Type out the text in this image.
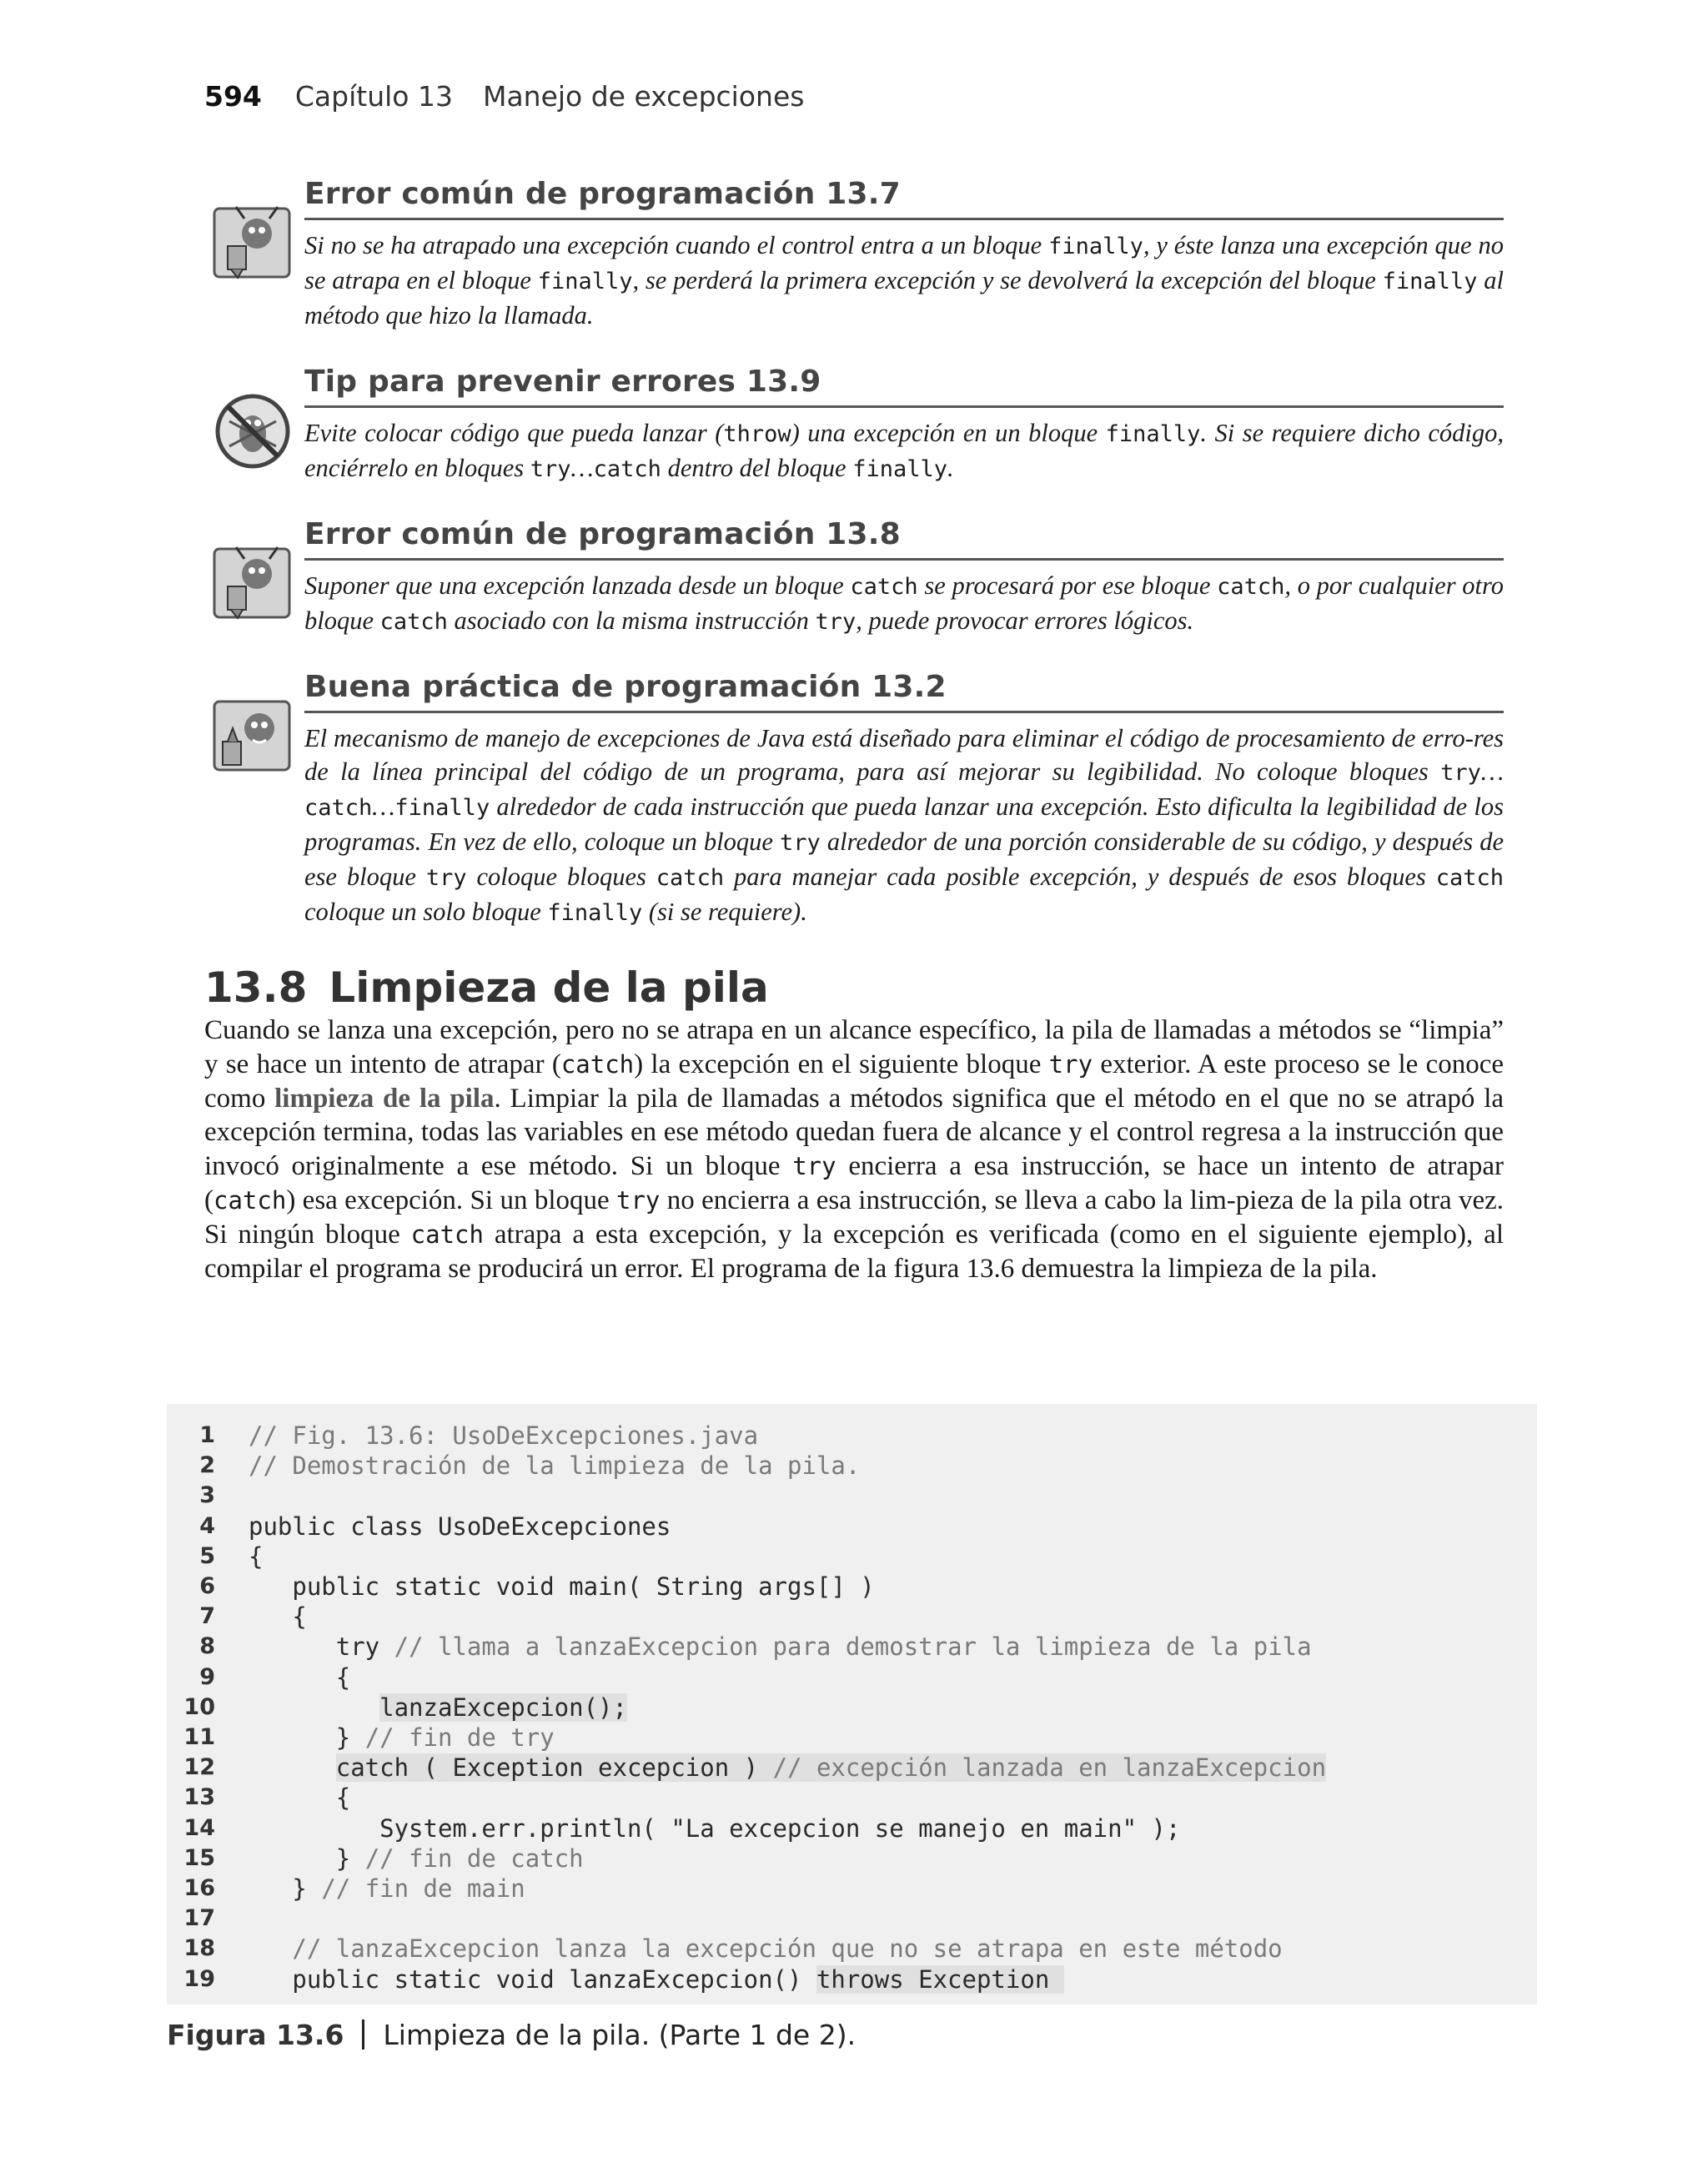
594 Capítulo 13 Manejo de excepciones
Error común de programación 13.7
Si no se ha atrapado una excepción cuando el control entra a un bloque finally, y éste lanza una excepción que no se atrapa en el bloque finally, se perderá la primera excepción y se devolverá la excepción del bloque finally al método que hizo la llamada.
Tip para prevenir errores 13.9
Evite colocar código que pueda lanzar (throw) una excepción en un bloque finally. Si se requiere dicho código, enciérrelo en bloques try…catch dentro del bloque finally.
Error común de programación 13.8
Suponer que una excepción lanzada desde un bloque catch se procesará por ese bloque catch, o por cualquier otro bloque catch asociado con la misma instrucción try, puede provocar errores lógicos.
Buena práctica de programación 13.2
El mecanismo de manejo de excepciones de Java está diseñado para eliminar el código de procesamiento de erro-res de la línea principal del código de un programa, para así mejorar su legibilidad. No coloque bloques try… catch…finally alrededor de cada instrucción que pueda lanzar una excepción. Esto dificulta la legibilidad de los programas. En vez de ello, coloque un bloque try alrededor de una porción considerable de su código, y después de ese bloque try coloque bloques catch para manejar cada posible excepción, y después de esos bloques catch coloque un solo bloque finally (si se requiere).
13.8 Limpieza de la pila
Cuando se lanza una excepción, pero no se atrapa en un alcance específico, la pila de llamadas a métodos se “limpia” y se hace un intento de atrapar (catch) la excepción en el siguiente bloque try exterior. A este proceso se le conoce como limpieza de la pila. Limpiar la pila de llamadas a métodos significa que el método en el que no se atrapó la excepción termina, todas las variables en ese método quedan fuera de alcance y el control regresa a la instrucción que invocó originalmente a ese método. Si un bloque try encierra a esa instrucción, se hace un intento de atrapar (catch) esa excepción. Si un bloque try no encierra a esa instrucción, se lleva a cabo la lim-pieza de la pila otra vez. Si ningún bloque catch atrapa a esta excepción, y la excepción es verificada (como en el siguiente ejemplo), al compilar el programa se producirá un error. El programa de la figura 13.6 demuestra la limpieza de la pila.
1 // Fig. 13.6: UsoDeExcepciones.java
2 // Demostración de la limpieza de la pila.
3
4 public class UsoDeExcepciones
5 {
6 public static void main( String args[] )
7 {
8 try // llama a lanzaExcepcion para demostrar la limpieza de la pila
9 {
10	lanzaExcepcion();
11 } // fin de try
12	catch ( Exception excepcion ) // excepción lanzada en lanzaExcepcion
13 {
14 System.err.println( "La excepcion se manejo en main" );
15 } // fin de catch
16 } // fin de main
17
18	// lanzaExcepcion lanza la excepción que no se atrapa en este método
19 public static void lanzaExcepcion() throws Exception
Figura 13.6 Limpieza de la pila. (Parte 1 de 2).
